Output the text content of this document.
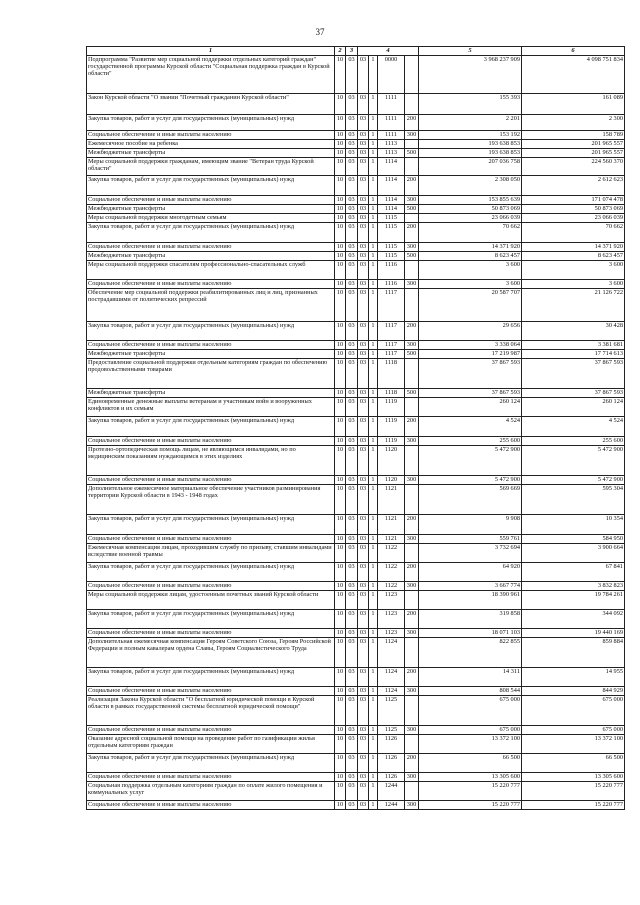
37
1	2	3	4				5	6	
Подпрограмма "Развитие мер социальной поддержки отдельных категорий граждан" государственной программы Курской области "Социальная поддержка граждан в Курской области"	10	03	03	1	0000		3 968 237 909	4 098 751 834	
Закон Курской области "О звании "Почетный гражданин Курской области"	10	03	03	1	1111		155 393	161 089	
Закупка товаров, работ и услуг для государственных (муниципальных) нужд	10	03	03	1	1111	200	2 201	2 300	
Социальное обеспечение и иные выплаты населению	10	03	03	1	1111	300	153 192	158 789	
Ежемесячное пособие на ребенка	10	03	03	1	1113		193 638 853	201 965 557	
Межбюджетные трансферты	10	03	03	1	1113	500	193 638 853	201 965 557	
Меры социальной поддержки гражданам, имеющим звание "Ветеран труда Курской области"	10	03	03	1	1114		207 036 758	224 560 370	
Закупка товаров, работ и услуг для государственных (муниципальных) нужд	10	03	03	1	1114	200	2 308 050	2 612 623	
Социальное обеспечение и иные выплаты населению	10	03	03	1	1114	300	153 855 639	171 074 478	
Межбюджетные трансферты	10	03	03	1	1114	500	50 873 069	50 873 069	
Меры социальной поддержки многодетным семьям	10	03	03	1	1115		23 066 039	23 066 039	
Закупка товаров, работ и услуг для государственных (муниципальных) нужд	10	03	03	1	1115	200	70 662	70 662	
Социальное обеспечение и иные выплаты населению	10	03	03	1	1115	300	14 371 920	14 371 920	
Межбюджетные трансферты	10	03	03	1	1115	500	8 623 457	8 623 457	
Меры социальной поддержки спасателям профессионально-спасательных служб	10	03	03	1	1116		3 600	3 600	
Социальное обеспечение и иные выплаты населению	10	03	03	1	1116	300	3 600	3 600	
Обеспечение мер социальной поддержки реабилитированных лиц и лиц, признанных пострадавшими от политических репрессий	10	03	03	1	1117		20 587 707	21 126 722	
Закупка товаров, работ и услуг для государственных (муниципальных) нужд	10	03	03	1	1117	200	29 656	30 428	
Социальное обеспечение и иные выплаты населению	10	03	03	1	1117	300	3 338 064	3 381 681	
Межбюджетные трансферты	10	03	03	1	1117	500	17 219 987	17 714 613	
Предоставление социальной поддержки отдельным категориям граждан по обеспечению продовольственными товарами	10	03	03	1	1118		37 867 593	37 867 593	
Межбюджетные трансферты	10	03	03	1	1118	500	37 867 593	37 867 593	
Единовременные денежные выплаты ветеранам и участникам войн и вооруженных конфликтов и их семьям	10	03	03	1	1119		260 124	260 124	
Закупка товаров, работ и услуг для государственных (муниципальных) нужд	10	03	03	1	1119	200	4 524	4 524	
Социальное обеспечение и иные выплаты населению	10	03	03	1	1119	300	255 600	255 600	
Протезно-ортопедическая помощь лицам, не являющимся инвалидами, но по медицинским показаниям нуждающимся в этих изделиях	10	03	03	1	1120		5 472 900	5 472 900	
Социальное обеспечение и иные выплаты населению	10	03	03	1	1120	300	5 472 900	5 472 900	
Дополнительное ежемесячное материальное обеспечение участников разминирования территории Курской области в 1943 - 1948 годах	10	03	03	1	1121		569 669	595 304	
Закупка товаров, работ и услуг для государственных (муниципальных) нужд	10	03	03	1	1121	200	9 908	10 354	
Социальное обеспечение и иные выплаты населению	10	03	03	1	1121	300	559 761	584 950	
Ежемесячная компенсация лицам, проходившим службу по призыву, ставшим инвалидами вследствие военной травмы	10	03	03	1	1122		3 732 694	3 900 664	
Закупка товаров, работ и услуг для государственных (муниципальных) нужд	10	03	03	1	1122	200	64 920	67 841	
Социальное обеспечение и иные выплаты населению	10	03	03	1	1122	300	3 667 774	3 832 823	
Меры социальной поддержки лицам, удостоенным почетных званий Курской области	10	03	03	1	1123		18 390 961	19 784 261	
Закупка товаров, работ и услуг для государственных (муниципальных) нужд	10	03	03	1	1123	200	319 858	344 092	
Социальное обеспечение и иные выплаты населению	10	03	03	1	1123	300	18 071 103	19 440 169	
Дополнительная ежемесячная компенсация Героям Советского Союза, Героям Российской Федерации и полным кавалерам ордена Славы, Героям Социалистического Труда	10	03	03	1	1124		822 855	859 884	
Закупка товаров, работ и услуг для государственных (муниципальных) нужд	10	03	03	1	1124	200	14 311	14 955	
Социальное обеспечение и иные выплаты населению	10	03	03	1	1124	300	808 544	844 929	
Реализация Закона Курской области "О бесплатной юридической помощи в Курской области в рамках государственной системы бесплатной юридической помощи"	10	03	03	1	1125		675 000	675 000	
Социальное обеспечение и иные выплаты населению	10	03	03	1	1125	300	675 000	675 000	
Оказание адресной социальной помощи на проведение работ по газификации жилья отдельным категориям граждан	10	03	03	1	1126		13 372 100	13 372 100	
Закупка товаров, работ и услуг для государственных (муниципальных) нужд	10	03	03	1	1126	200	66 500	66 500	
Социальное обеспечение и иные выплаты населению	10	03	03	1	1126	300	13 305 600	13 305 600	
Социальная поддержка отдельным категориям граждан по оплате жилого помещения и коммунальных услуг	10	03	03	1	1244		15 220 777	15 220 777	
Социальное обеспечение и иные выплаты населению	10	03	03	1	1244	300	15 220 777	15 220 777	
